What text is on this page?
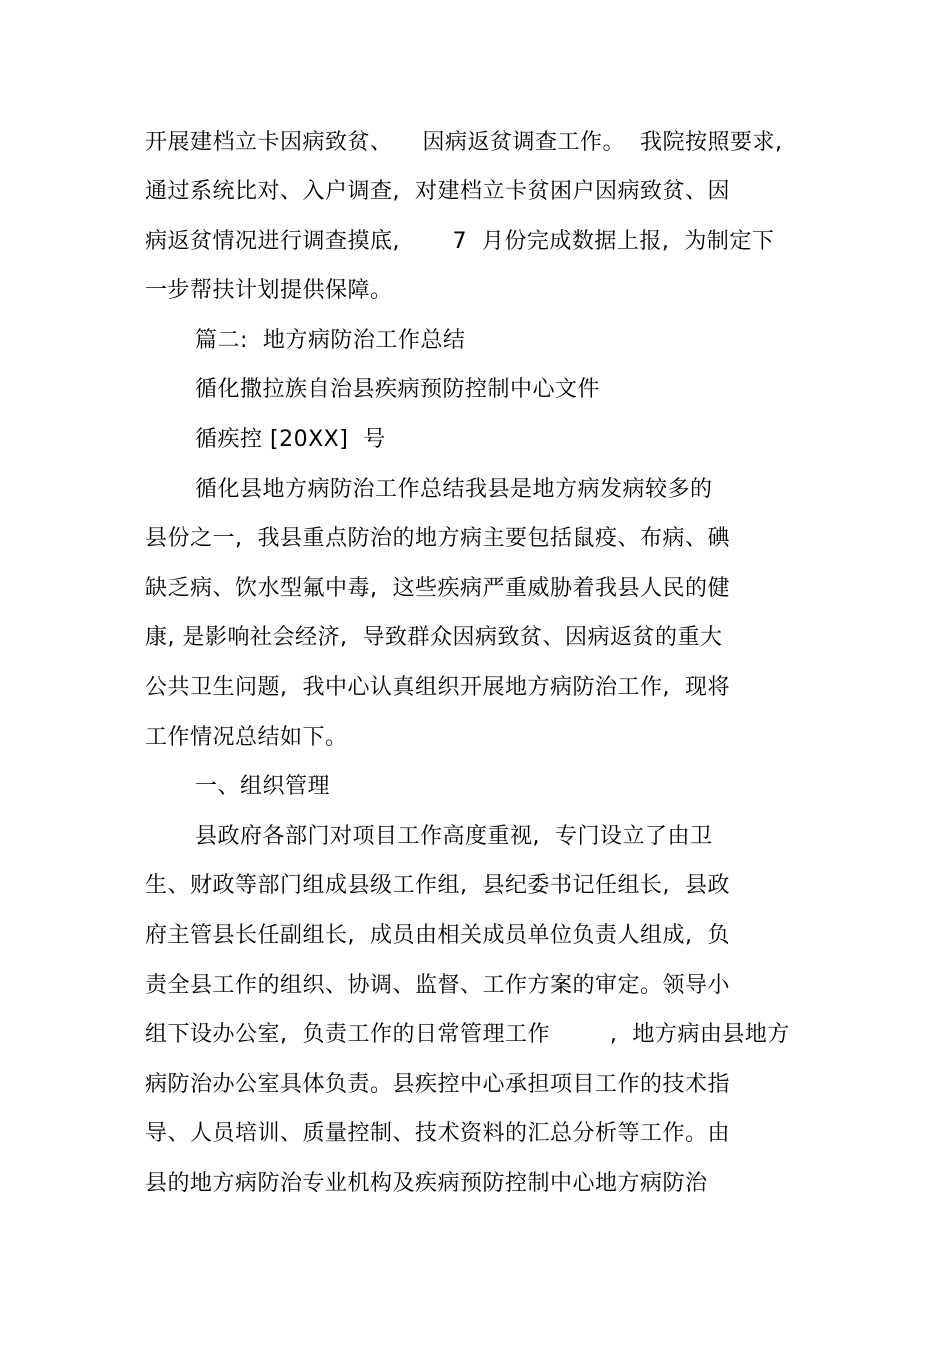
开展建档立卡因病致贫、    因病返贫调查工作。  我院按照要求,
通过系统比对、入户调查,  对建档立卡贫困户因病致贫、因
病返贫情况进行调查摸底,       7  月份完成数据上报,  为制定下
一步帮扶计划提供保障。
篇二:  地方病防治工作总结
循化撒拉族自治县疾病预防控制中心文件
循疾控 [20XX]  号
循化县地方病防治工作总结我县是地方病发病较多的
县份之一,  我县重点防治的地方病主要包括鼠疫、布病、碘
缺乏病、饮水型氟中毒,  这些疾病严重威胁着我县人民的健
康, 是影响社会经济,  导致群众因病致贫、因病返贫的重大
公共卫生问题,  我中心认真组织开展地方病防治工作,  现将
工作情况总结如下。
一、组织管理
县政府各部门对项目工作高度重视,  专门设立了由卫
生、财政等部门组成县级工作组,  县纪委书记任组长,  县政
府主管县长任副组长,  成员由相关成员单位负责人组成,  负
责全县工作的组织、协调、监督、工作方案的审定。领导小
组下设办公室,  负责工作的日常管理工作        ,  地方病由县地方
病防治办公室具体负责。县疾控中心承担项目工作的技术指
导、人员培训、质量控制、技术资料的汇总分析等工作。由
县的地方病防治专业机构及疾病预防控制中心地方病防治
